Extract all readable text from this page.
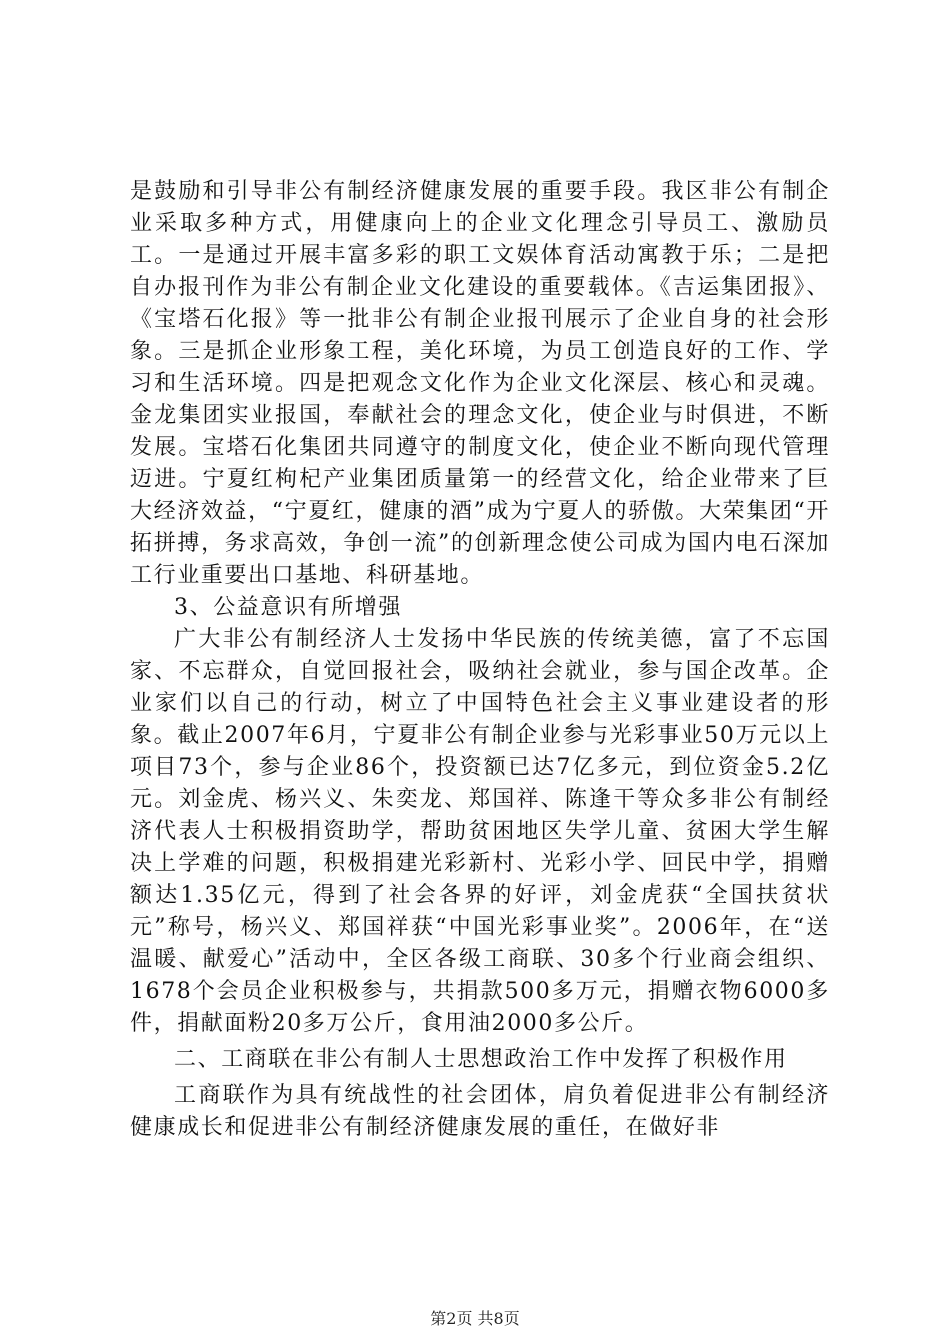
是鼓励和引导非公有制经济健康发展的重要手段。我区非公有制企业采取多种方式，用健康向上的企业文化理念引导员工、激励员工。一是通过开展丰富多彩的职工文娱体育活动寓教于乐；二是把自办报刊作为非公有制企业文化建设的重要载体。《吉运集团报》、《宝塔石化报》等一批非公有制企业报刊展示了企业自身的社会形象。三是抓企业形象工程，美化环境，为员工创造良好的工作、学习和生活环境。四是把观念文化作为企业文化深层、核心和灵魂。金龙集团实业报国，奉献社会的理念文化，使企业与时俱进，不断发展。宝塔石化集团共同遵守的制度文化，使企业不断向现代管理迈进。宁夏红枸杞产业集团质量第一的经营文化，给企业带来了巨大经济效益，“宁夏红，健康的酒”成为宁夏人的骄傲。大荣集团“开拓拼搏，务求高效，争创一流”的创新理念使公司成为国内电石深加工行业重要出口基地、科研基地。

3、公益意识有所增强

广大非公有制经济人士发扬中华民族的传统美德，富了不忘国家、不忘群众，自觉回报社会，吸纳社会就业，参与国企改革。企业家们以自己的行动，树立了中国特色社会主义事业建设者的形象。截止2007年6月，宁夏非公有制企业参与光彩事业50万元以上项目73个，参与企业86个，投资额已达7亿多元，到位资金5.2亿元。刘金虎、杨兴义、朱奕龙、郑国祥、陈逢干等众多非公有制经济代表人士积极捐资助学，帮助贫困地区失学儿童、贫困大学生解决上学难的问题，积极捐建光彩新村、光彩小学、回民中学，捐赠额达1.35亿元，得到了社会各界的好评，刘金虎获“全国扶贫状元”称号，杨兴义、郑国祥获“中国光彩事业奖”。2006年，在“送温暖、献爱心”活动中，全区各级工商联、30多个行业商会组织、1678个会员企业积极参与，共捐款500多万元，捐赠衣物6000多件，捐献面粉20多万公斤，食用油2000多公斤。

二、工商联在非公有制人士思想政治工作中发挥了积极作用

工商联作为具有统战性的社会团体，肩负着促进非公有制经济健康成长和促进非公有制经济健康发展的重任，在做好非

第2页 共8页
